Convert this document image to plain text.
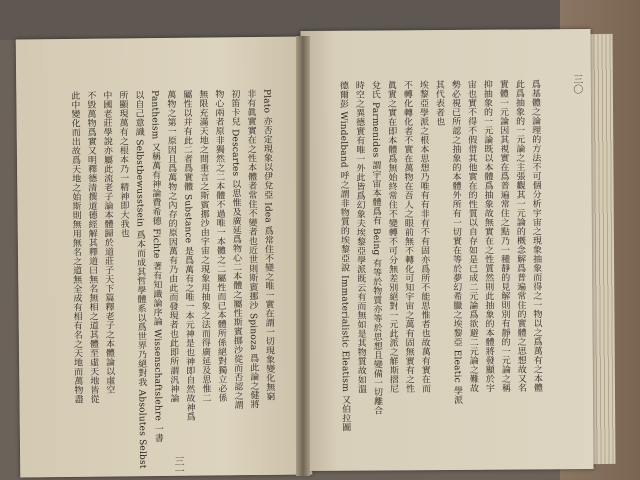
Plato 亦否定現象以伊兌亞 Idea 爲常住不變之唯一實在謂一切現象變化無窮
非有眞實實在之性本體者常住不變者也近世則斯賓挪沙 Spinoza 爲此論之健將
初笛卡兒 Descartes 以思惟及廣延爲物心二本體之屬性斯賓挪沙從而否認之謂
物心兩者原非獨然之二本體不過唯一本體之二屬性而已本體所係絕對獨立必係
無限充滿天地之間重言之斯賓挪沙由宇宙之現象用抽象之法而得廣延及思惟二
屬性以并有此二者爲實體 Substance 是爲萬有之唯一本元神是也神即自然故神爲
萬物之第一原因且爲萬物之內存的原因萬有乃由此而發現者也此即所謂汎神論
Pantheism 又稱萬有神論費希德 Fichte 著有知識論序論 Wissenschaftslehre 一書
以自己意識 Selbstbewusstsein 爲本而成其哲學體系以爲世界乃絕對我 Absolutes Selbst
所顯現萬有之根本乃一精神即大我也
中國老莊學說亦屬此流老子論本體歸於道莊子天下篇釋老子之本體論以虛空
不毀萬物爲實又明釋德清撰道德經解其釋道曰無名無相之道其體至虛天地皆從
此中變化而出故爲天地之始斯則無用無名之道無全成有相有名之天地而萬物盡
三一
爲基體之論理的方法不可個分析宇宙之現象抽象而得之一物以之爲萬有之本體
此爲抽象的一元論之主張觀其一元論的概念解爲普遍常住的實體之思想故又名
實體一元論因其視實在爲普遍常住之點乃一種靜的見解則別有靜的一元論之稱
抑抽象的一元論既以本體爲抽象故無實在之性質然則此抽象的本體將發顯於宇
宙也實不得不假借其他實在的性質以自存如是已成二元論爲欲避二元論之難故
勢必視已所認之抽象的本體外所有一切實在等於夢幻希臘之埃黎亞 Eleatic 學派
其代表者也
埃黎亞學派之根本思想乃唯有有非有不有固亦爲所不能思惟者也故萬有實在而
不轉化轉化者不實在萬物在吾人之眼前無不轉化可知宇宙之萬有固無實有之性
眞實之實在即本體爲無始終常住不變轉不可分無差別絕對一元此派之觧斯摺尼
兌氏 Parmenides 謂宇宙本體爲有 Being 有等於物質亦等於思想且變備一切離合
時空之異德實有唯一外此皆爲幻象夫埃黎亞學派既云有而無如是其物質故如溫
德爾彭 Windelband 呼之謂非物質的埃黎亞說 Immaterialistic Eleatism 又伯拉圖	三〇
